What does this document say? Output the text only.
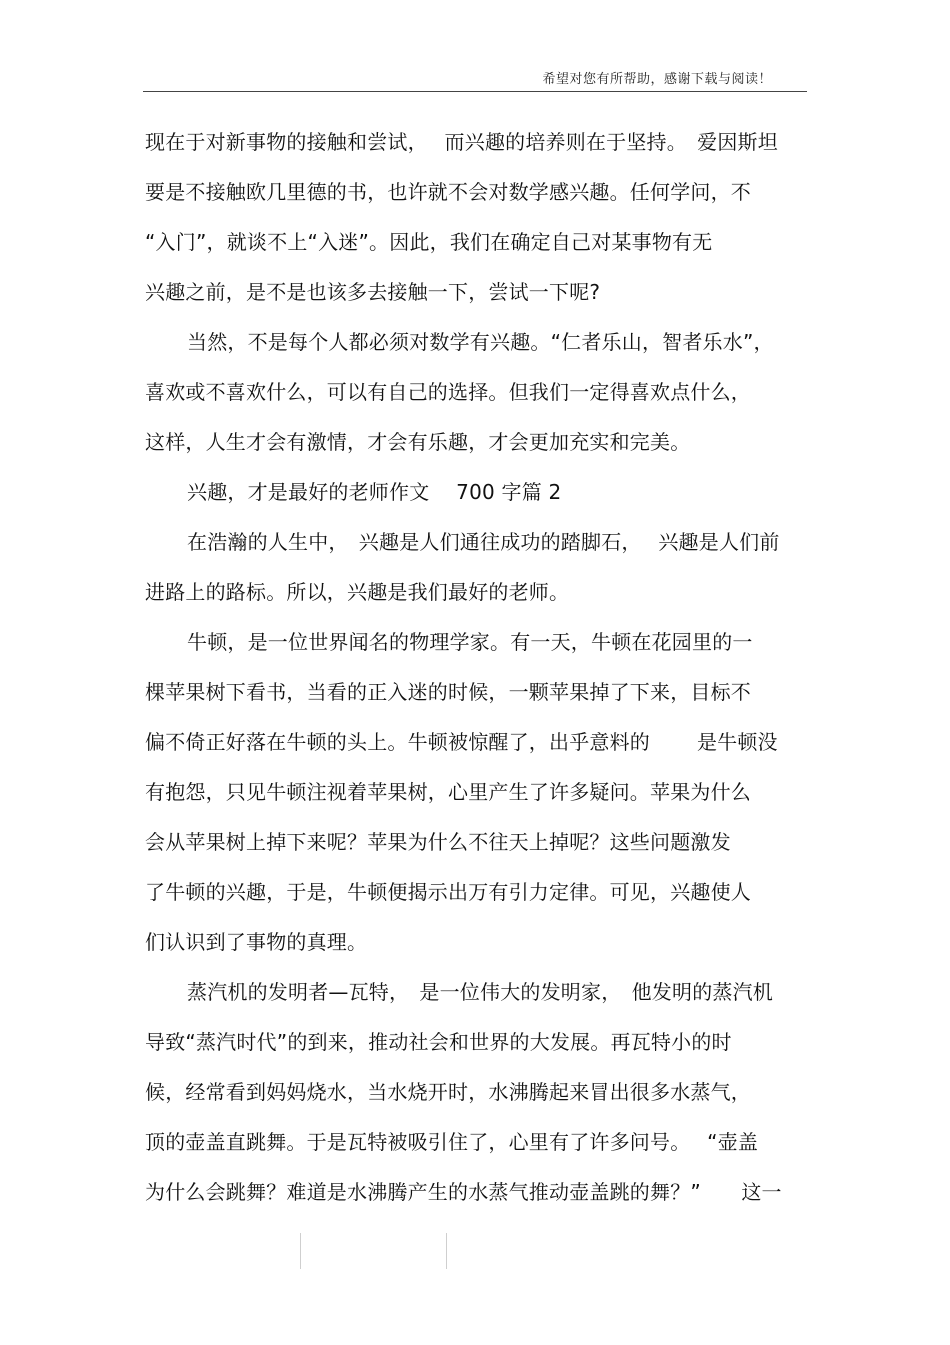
希望对您有所帮助，感谢下载与阅读！
现在于对新事物的接触和尝试，　 而兴趣的培养则在于坚持。　爱因斯坦
要是不接触欧几里德的书，也许就不会对数学感兴趣。任何学问，不
“入门”，就谈不上“入迷”。因此，我们在确定自己对某事物有无
兴趣之前，是不是也该多去接触一下，尝试一下呢?
当然，不是每个人都必须对数学有兴趣。“仁者乐山，智者乐水”，
喜欢或不喜欢什么，可以有自己的选择。但我们一定得喜欢点什么，
这样，人生才会有激情，才会有乐趣，才会更加充实和完美。
兴趣，才是最好的老师作文　 700 字篇 2
在浩瀚的人生中，　兴趣是人们通往成功的踏脚石，　 兴趣是人们前
进路上的路标。所以，兴趣是我们最好的老师。
牛顿，是一位世界闻名的物理学家。有一天，牛顿在花园里的一
棵苹果树下看书，当看的正入迷的时候，一颗苹果掉了下来，目标不
偏不倚正好落在牛顿的头上。牛顿被惊醒了，出乎意料的　　 是牛顿没
有抱怨，只见牛顿注视着苹果树，心里产生了许多疑问。苹果为什么
会从苹果树上掉下来呢？苹果为什么不往天上掉呢？这些问题激发
了牛顿的兴趣，于是，牛顿便揭示出万有引力定律。可见，兴趣使人
们认识到了事物的真理。
蒸汽机的发明者—瓦特，　是一位伟大的发明家，　他发明的蒸汽机
导致“蒸汽时代”的到来，推动社会和世界的大发展。再瓦特小的时
候，经常看到妈妈烧水，当水烧开时，水沸腾起来冒出很多水蒸气，
顶的壶盖直跳舞。于是瓦特被吸引住了，心里有了许多问号。　 “壶盖
为什么会跳舞？难道是水沸腾产生的水蒸气推动壶盖跳的舞？”　　这一
